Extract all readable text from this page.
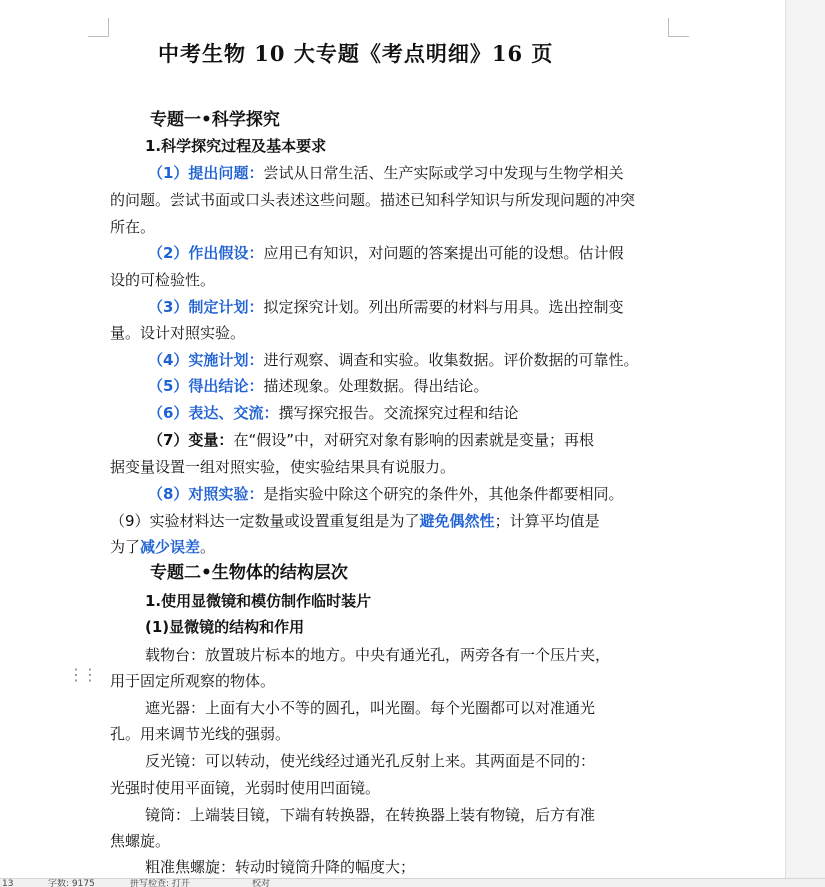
中考生物 10 大专题《考点明细》16 页
专题一•科学探究
1.科学探究过程及基本要求
（1）提出问题：尝试从日常生活、生产实际或学习中发现与生物学相关
的问题。尝试书面或口头表述这些问题。描述已知科学知识与所发现问题的冲突
所在。
（2）作出假设：应用已有知识，对问题的答案提出可能的设想。估计假
设的可检验性。
（3）制定计划：拟定探究计划。列出所需要的材料与用具。选出控制变
量。设计对照实验。
（4）实施计划：进行观察、调查和实验。收集数据。评价数据的可靠性。
（5）得出结论：描述现象。处理数据。得出结论。
（6）表达、交流：撰写探究报告。交流探究过程和结论
（7）变量：在“假设”中，对研究对象有影响的因素就是变量；再根
据变量设置一组对照实验，使实验结果具有说服力。
（8）对照实验：是指实验中除这个研究的条件外，其他条件都要相同。
（9）实验材料达一定数量或设置重复组是为了避免偶然性；计算平均值是
为了减少误差。
专题二•生物体的结构层次
1.使用显微镜和模仿制作临时装片
(1)显微镜的结构和作用
载物台：放置玻片标本的地方。中央有通光孔，两旁各有一个压片夹，
用于固定所观察的物体。
遮光器：上面有大小不等的圆孔，叫光圈。每个光圈都可以对准通光
孔。用来调节光线的强弱。
反光镜：可以转动，使光线经过通光孔反射上来。其两面是不同的：
光强时使用平面镜，光弱时使用凹面镜。
镜筒：上端装目镜，下端有转换器，在转换器上装有物镜，后方有准
焦螺旋。
粗准焦螺旋：转动时镜筒升降的幅度大；
⋮⋮
13	字数: 9175	拼写检查: 打开	校对
